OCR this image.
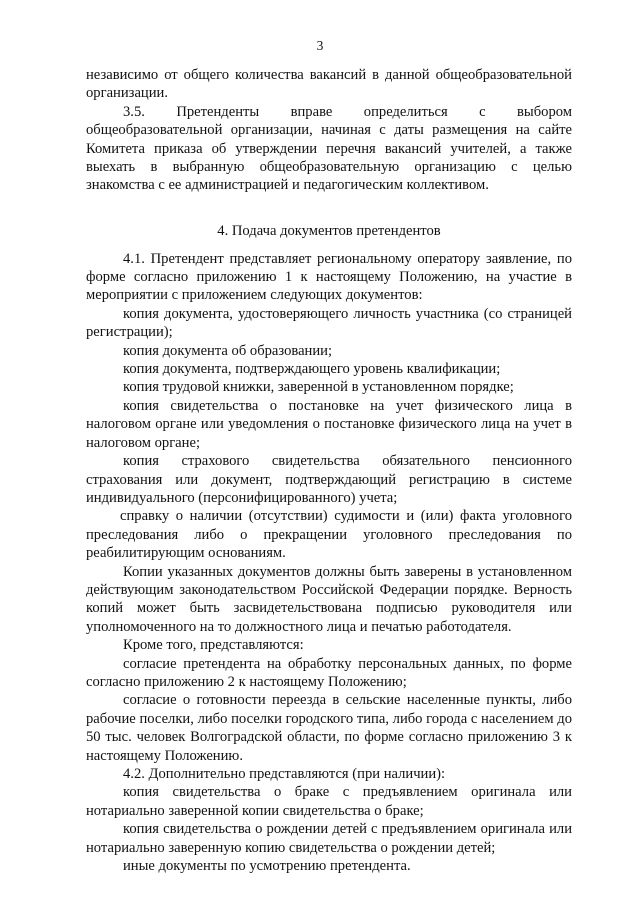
3

независимо от общего количества вакансий в данной общеобразовательной организации.

3.5. Претенденты вправе определиться с выбором общеобразовательной организации, начиная с даты размещения на сайте Комитета приказа об утверждении перечня вакансий учителей, а также выехать в выбранную общеобразовательную организацию с целью знакомства с ее администрацией и педагогическим коллективом.

4. Подача документов претендентов

4.1. Претендент представляет региональному оператору заявление, по форме согласно приложению 1 к настоящему Положению, на участие в мероприятии с приложением следующих документов:

копия документа, удостоверяющего личность участника (со страницей регистрации);

копия документа об образовании;

копия документа, подтверждающего уровень квалификации;

копия трудовой книжки, заверенной в установленном порядке;

копия свидетельства о постановке на учет физического лица в налоговом органе или уведомления о постановке физического лица на учет в налоговом органе;

копия страхового свидетельства обязательного пенсионного страхования или документ, подтверждающий регистрацию в системе индивидуального (персонифицированного) учета;

справку о наличии (отсутствии) судимости и (или) факта уголовного преследования либо о прекращении уголовного преследования по реабилитирующим основаниям.

Копии указанных документов должны быть заверены в установленном действующим законодательством Российской Федерации порядке. Верность копий может быть засвидетельствована подписью руководителя или уполномоченного на то должностного лица и печатью работодателя.

Кроме того, представляются:

согласие претендента на обработку персональных данных, по форме согласно приложению 2 к настоящему Положению;

согласие о готовности переезда в сельские населенные пункты, либо рабочие поселки, либо поселки городского типа, либо города с населением до 50 тыс. человек Волгоградской области, по форме согласно приложению 3 к настоящему Положению.

4.2. Дополнительно представляются (при наличии):

копия свидетельства о браке с предъявлением оригинала или нотариально заверенной копии свидетельства о браке;

копия свидетельства о рождении детей с предъявлением оригинала или нотариально заверенную копию свидетельства о рождении детей;

иные документы по усмотрению претендента.
